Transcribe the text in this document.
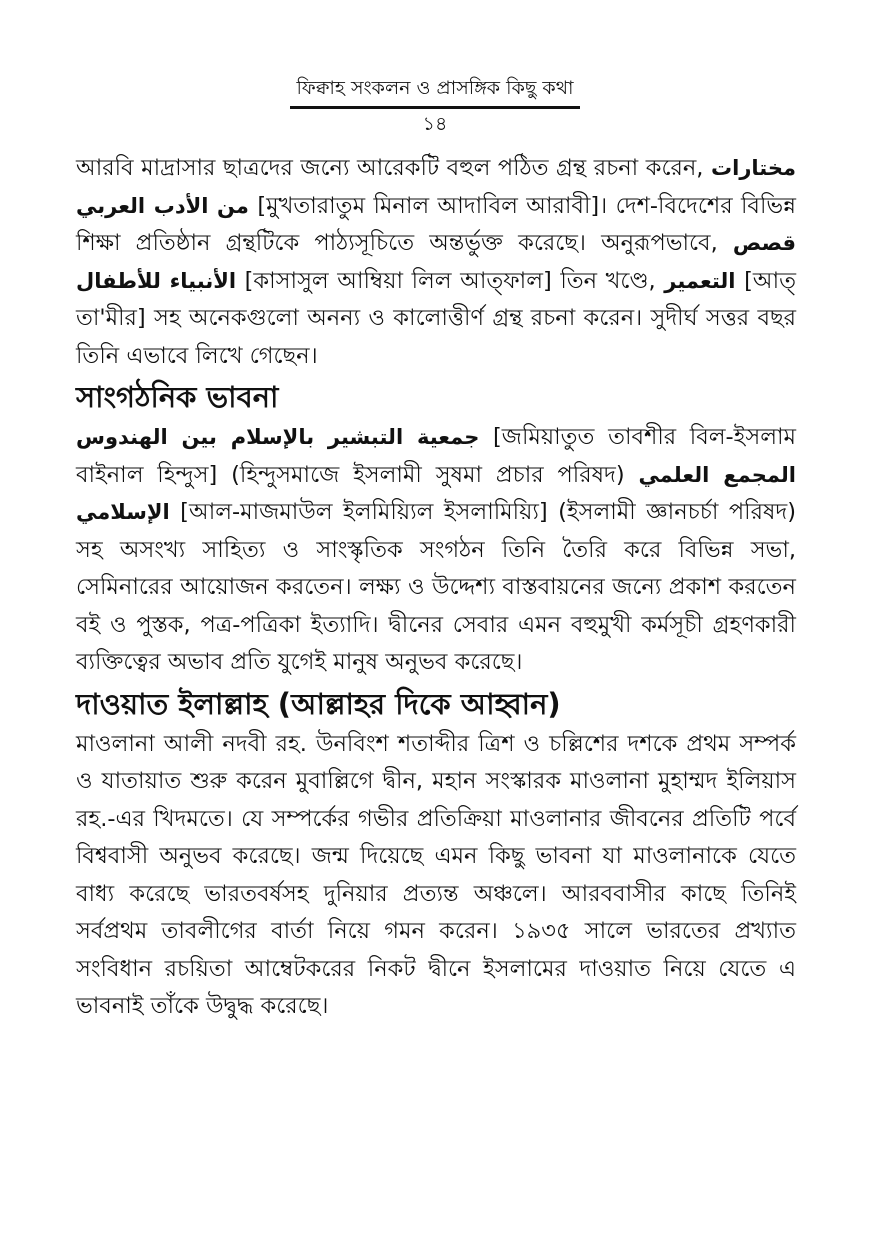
ফিক্বাহ সংকলন ও প্রাসঙ্গিক কিছু কথা
১৪

আরবি মাদ্রাসার ছাত্রদের জন্যে আরেকটি বহুল পঠিত গ্রন্থ রচনা করেন, مختارات من الأدب العربي [মুখতারাতুম মিনাল আদাবিল আরাবী]। দেশ-বিদেশের বিভিন্ন শিক্ষা প্রতিষ্ঠান গ্রন্থটিকে পাঠ্যসূচিতে অন্তর্ভুক্ত করেছে। অনুরূপভাবে, قصص الأنبياء للأطفال [কাসাসুল আম্বিয়া লিল আত্‌ফাল] তিন খণ্ডে, التعمير [আত্‌ তা'মীর] সহ অনেকগুলো অনন্য ও কালোত্তীর্ণ গ্রন্থ রচনা করেন। সুদীর্ঘ সত্তর বছর তিনি এভাবে লিখে গেছেন।

সাংগঠনিক ভাবনা

جمعية التبشير بالإسلام بين الهندوس [জমিয়াতুত তাবশীর বিল-ইসলাম বাইনাল হিন্দুস] (হিন্দুসমাজে ইসলামী সুষমা প্রচার পরিষদ) المجمع العلمي الإسلامي [আল-মাজমাউল ইলমিয়্যিল ইসলামিয়্যি] (ইসলামী জ্ঞানচর্চা পরিষদ) সহ অসংখ্য সাহিত্য ও সাংস্কৃতিক সংগঠন তিনি তৈরি করে বিভিন্ন সভা, সেমিনারের আয়োজন করতেন। লক্ষ্য ও উদ্দেশ্য বাস্তবায়নের জন্যে প্রকাশ করতেন বই ও পুস্তক, পত্র-পত্রিকা ইত্যাদি। দ্বীনের সেবার এমন বহুমুখী কর্মসূচী গ্রহণকারী ব্যক্তিত্বের অভাব প্রতি যুগেই মানুষ অনুভব করেছে।

দাওয়াত ইলাল্লাহ (আল্লাহর দিকে আহ্বান)

মাওলানা আলী নদবী রহ. উনবিংশ শতাব্দীর ত্রিশ ও চল্লিশের দশকে প্রথম সম্পর্ক ও যাতায়াত শুরু করেন মুবাল্লিগে দ্বীন, মহান সংস্কারক মাওলানা মুহাম্মদ ইলিয়াস রহ.-এর খিদমতে। যে সম্পর্কের গভীর প্রতিক্রিয়া মাওলানার জীবনের প্রতিটি পর্বে বিশ্ববাসী অনুভব করেছে। জন্ম দিয়েছে এমন কিছু ভাবনা যা মাওলানাকে যেতে বাধ্য করেছে ভারতবর্ষসহ দুনিয়ার প্রত্যন্ত অঞ্চলে। আরববাসীর কাছে তিনিই সর্বপ্রথম তাবলীগের বার্তা নিয়ে গমন করেন। ১৯৩৫ সালে ভারতের প্রখ্যাত সংবিধান রচয়িতা আম্বেটকরের নিকট দ্বীনে ইসলামের দাওয়াত নিয়ে যেতে এ ভাবনাই তাঁকে উদ্বুদ্ধ করেছে।
